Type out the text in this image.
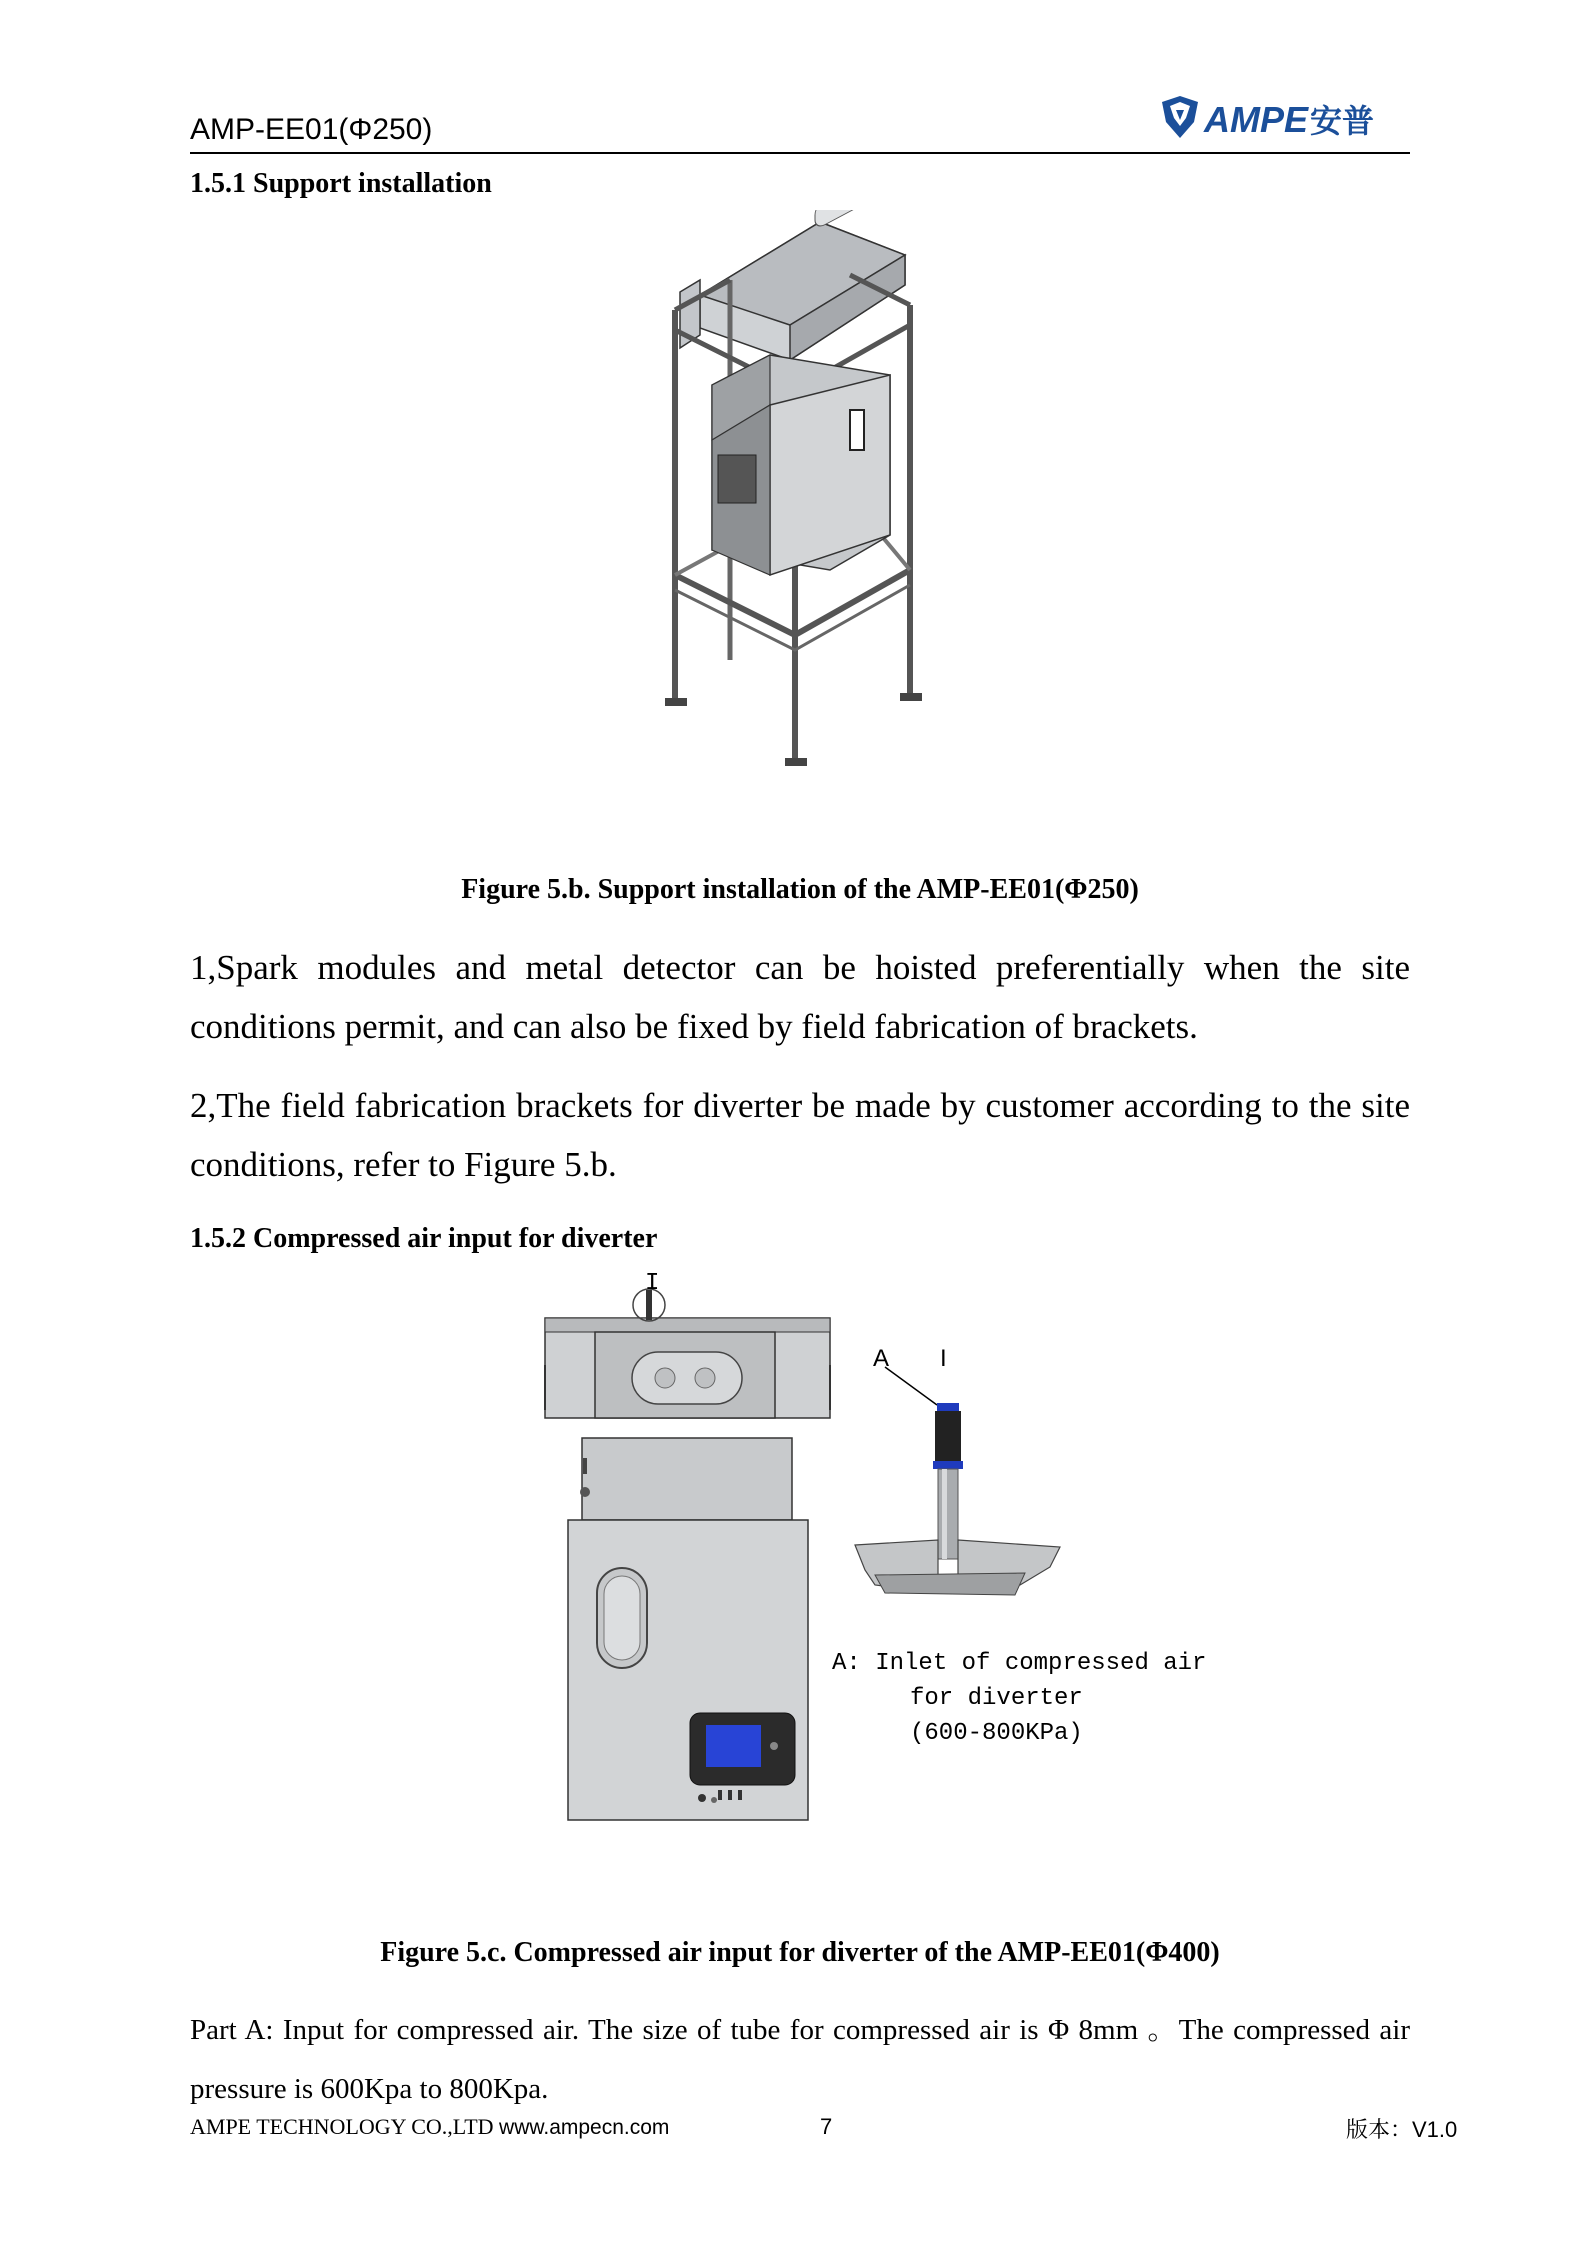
AMP-EE01(Φ250)	AMPE 安普
1.5.1 Support installation
Figure 5.b. Support installation of the AMP-EE01(Φ250)
1,Spark modules and metal detector can be hoisted preferentially when the site conditions permit, and can also be fixed by field fabrication of brackets.
2,The field fabrication brackets for diverter be made by customer according to the site conditions, refer to Figure 5.b.
1.5.2 Compressed air input for diverter
I
A I
A: Inlet of compressed air
for diverter
(600-800KPa)
Figure 5.c. Compressed air input for diverter of the AMP-EE01(Φ400)
Part A: Input for compressed air. The size of tube for compressed air is Φ 8mm 。The compressed air pressure is 600Kpa to 800Kpa.
AMPE TECHNOLOGY CO.,LTD www.ampecn.com	7	版本：V1.0
